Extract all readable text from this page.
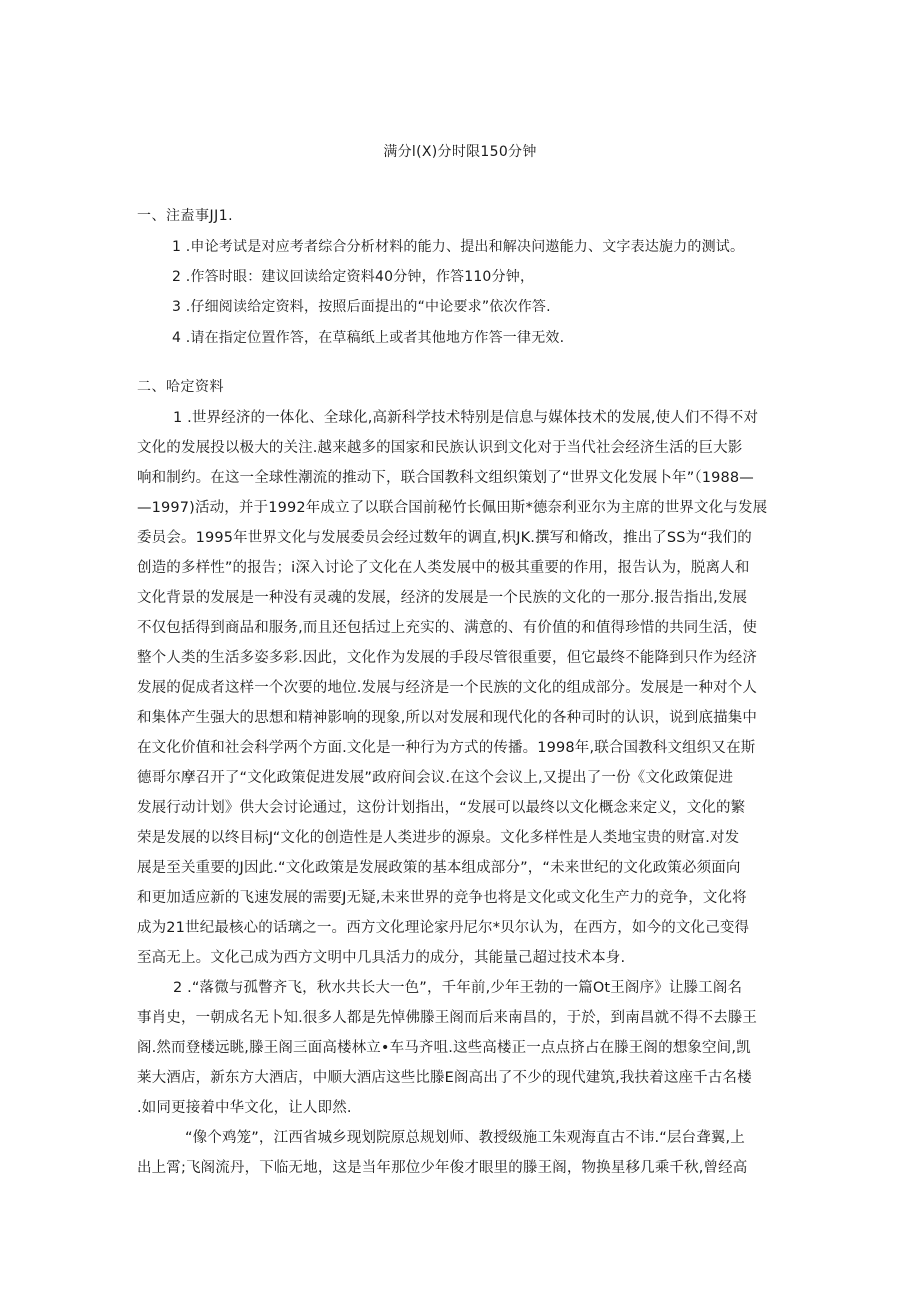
满分l(X)分时限150分钟
一、注盍事JJ1.
1 .申论考试是对应考者综合分析材料的能力、提出和解决问遨能力、文字表达旎力的测试。
2 .作答时眼：建议回读给定资料40分钟，作答110分钟，
3 .仔细阅读给定资料，按照后面提出的“中论要求”依次作答.
4 .请在指定位置作答，在草稿纸上或者其他地方作答一律无效.
二、哈定资料
1 .世界经济的一体化、全球化,高新科学技术特别是信息与媒体技术的发展,使人们不得不对
文化的发展投以极大的关注.越来越多的国家和民族认识到文化对于当代社会经济生活的巨大影
响和制约。在这一全球性潮流的推动下，联合国教科文组织策划了“世界文化发展卜年”（1988—
—1997)活动，并于1992年成立了以联合国前秘竹长佩田斯*德奈利亚尔为主席的世界文化与发展
委员会。1995年世界文化与发展委员会经过数年的调直,枳JK.撰写和脩改，推出了SS为“我们的
创造的多样性”的报告；i深入讨论了文化在人类发展中的极其重要的作用，报告认为，脱离人和
文化背景的发展是一种没有灵魂的发展，经济的发展是一个民族的文化的一那分.报告指出,发展
不仅包括得到商品和服务,而且还包括过上充实的、满意的、有价值的和值得珍惜的共同生活，使
整个人类的生活多姿多彩.因此，文化作为发展的手段尽管很重要，但它最终不能降到只作为经济
发展的促成者这样一个次要的地位.发展与经济是一个民族的文化的组成部分。发展是一种对个人
和集体产生强大的思想和精神影响的现象,所以对发展和现代化的各种司时的认识，说到底描集中
在文化价值和社会科学两个方面.文化是一种行为方式的传播。1998年,联合国教科文组织又在斯
德哥尔摩召开了“文化政策促进发展”政府间会议.在这个会议上,又提出了一份《文化政策促进
发展行动计划》供大会讨论通过，这份计划指出，“发展可以最终以文化概念来定义，文化的繁
荣是发展的以终目标J“文化的创造性是人类进步的源泉。文化多样性是人类地宝贵的财富.对发
展是至关重要的J因此.“文化政策是发展政策的基本组成部分”，“未来世纪的文化政策必须面向
和更加适应新的飞速发展的需要J无疑,未来世界的竞争也将是文化或文化生产力的竞争，文化将
成为21世纪最核心的话璃之一。西方文化理论家丹尼尔*贝尔认为，在西方，如今的文化己变得
至高无上。文化己成为西方文明中几具活力的成分，其能量己超过技术本身.
2 .“落微与孤瞥齐飞，秋水共长大一色”，千年前,少年王勃的一篇Ot王阁序》让滕工阁名
事肖史，一朝成名无卜知.很多人都是先悼佛滕王阁而后来南昌的，于於，到南昌就不得不去滕王
阁.然而登楼远眺,滕王阁三面高楼林立•车马齐咀.这些高楼正一点点挤占在滕王阁的想象空间,凯
莱大酒店，新东方大酒店，中顺大酒店这些比滕E阁高出了不少的现代建筑,我扶着这座千古名楼
.如同更接着中华文化，让人即然.
“像个鸡笼”，江西省城乡现划院原总规划师、教授级施工朱观海直古不讳.“层台聋翼,上
出上霄;飞阁流丹，下临无地，这是当年那位少年俊才眼里的滕王阁，物换星移几乘千秋,曾经高
